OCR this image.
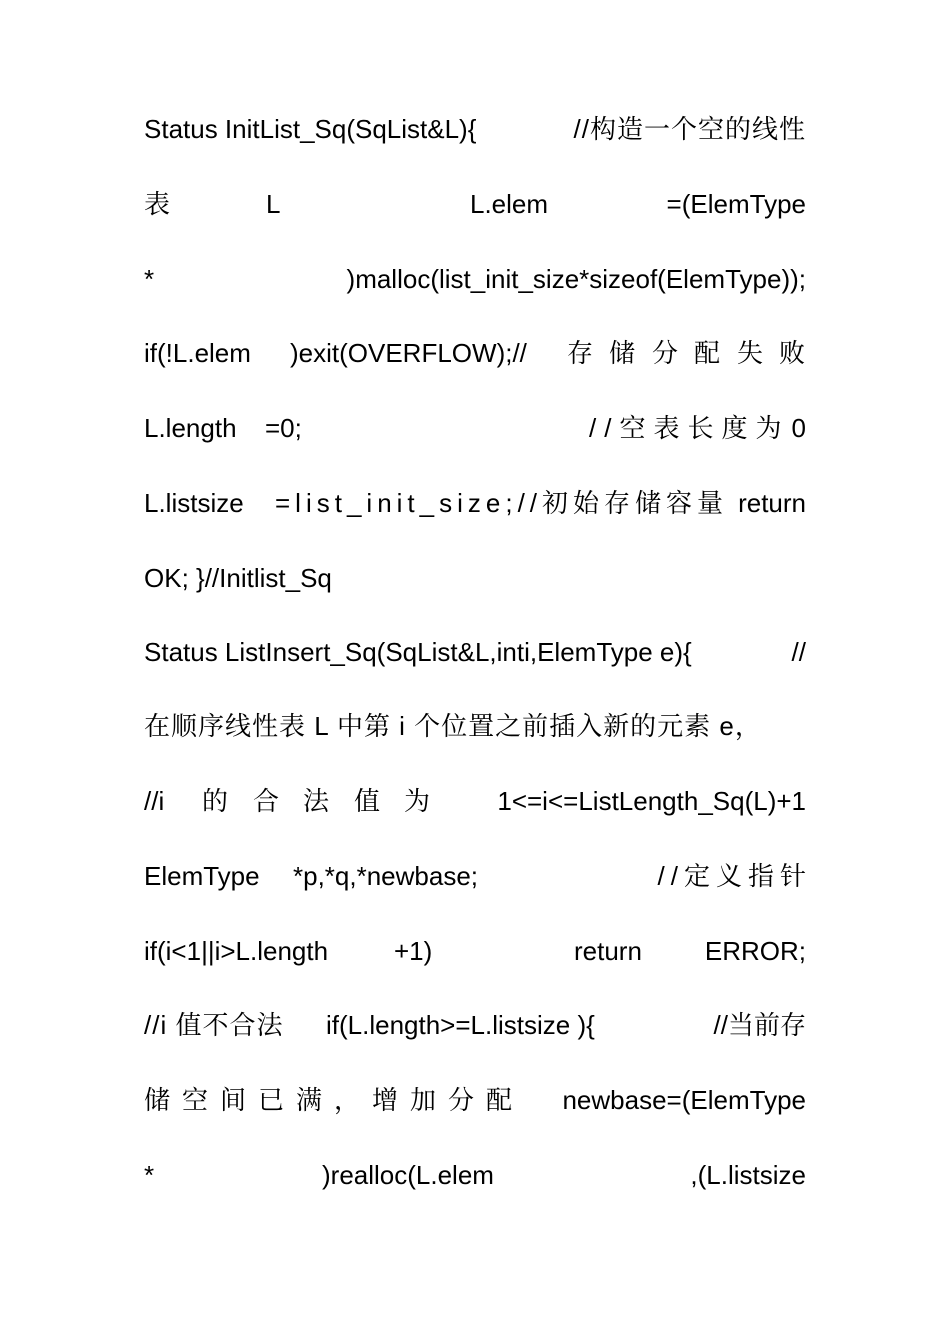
Status InitList_Sq(SqList&L){	//构造一个空的线性
表	L	L.elem	=(ElemType
*	)malloc(list_init_size*sizeof(ElemType));
if(!L.elem )exit(OVERFLOW);// 存 储 分 配 失 败
L.length =0;	//空表长度为 0
L.listsize =list_init_size;//初始存储容量 return
OK; }//Initlist_Sq
Status ListInsert_Sq(SqList&L,inti,ElemType e){	//
在顺序线性表 L 中第 i 个位置之前插入新的元素 e，
//i 的 合 法 值 为	1<=i<=ListLength_Sq(L)+1
ElemType *p,*q,*newbase;	//定义指针
if(i<1||i>L.length	+1)	return ERROR;
//i 值不合法 if(L.length>=L.listsize ){	//当前存
储 空 间 已 满 ， 增 加 分 配 newbase=(ElemType
*	)realloc(L.elem	,(L.listsize
